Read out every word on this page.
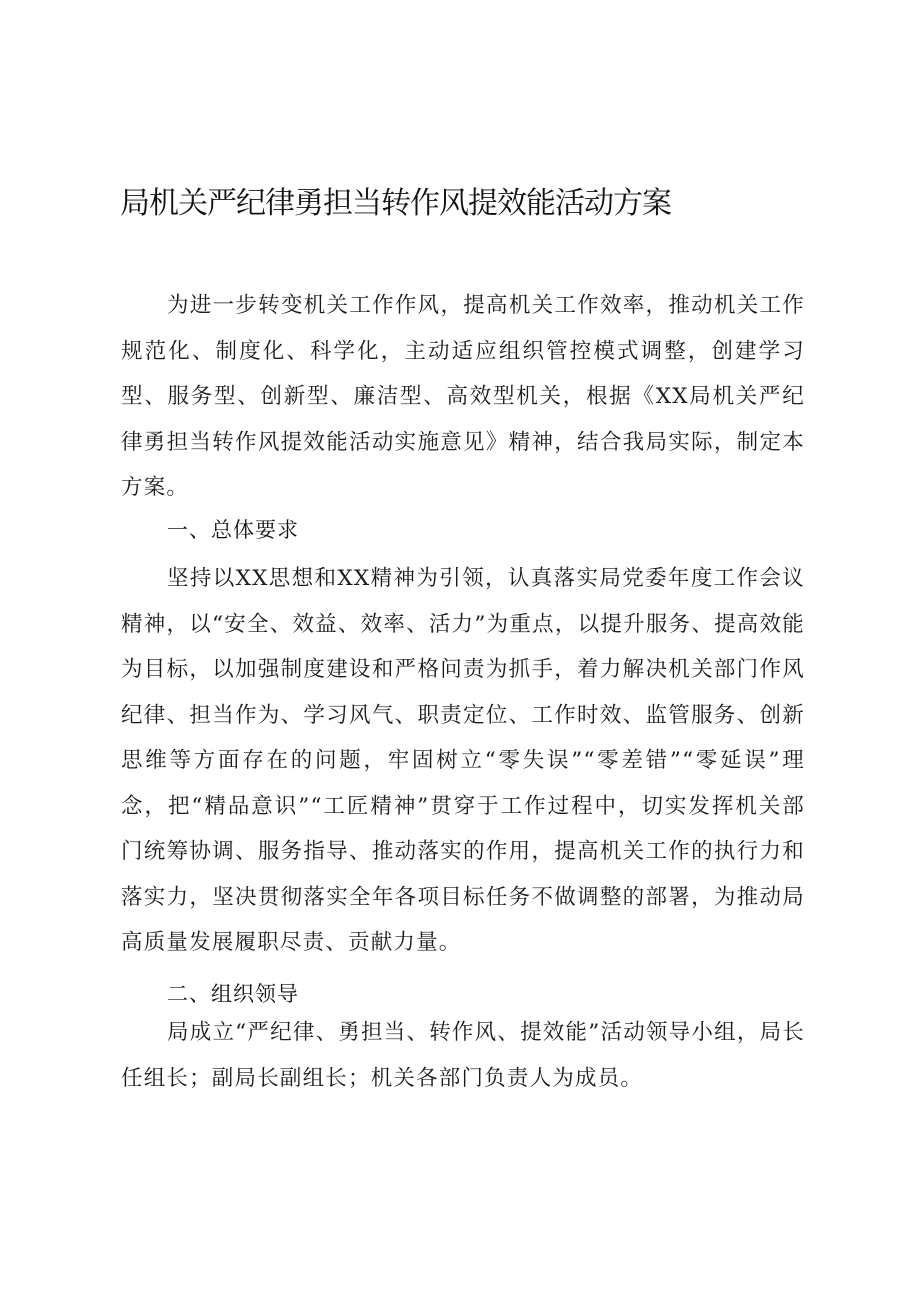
局机关严纪律勇担当转作风提效能活动方案

为进一步转变机关工作作风，提高机关工作效率，推动机关工作规范化、制度化、科学化，主动适应组织管控模式调整，创建学习型、服务型、创新型、廉洁型、高效型机关，根据《XX局机关严纪律勇担当转作风提效能活动实施意见》精神，结合我局实际，制定本方案。

一、总体要求

坚持以XX思想和XX精神为引领，认真落实局党委年度工作会议精神，以“安全、效益、效率、活力”为重点，以提升服务、提高效能为目标，以加强制度建设和严格问责为抓手，着力解决机关部门作风纪律、担当作为、学习风气、职责定位、工作时效、监管服务、创新思维等方面存在的问题，牢固树立“零失误”“零差错”“零延误”理念，把“精品意识”“工匠精神”贯穿于工作过程中，切实发挥机关部门统筹协调、服务指导、推动落实的作用，提高机关工作的执行力和落实力，坚决贯彻落实全年各项目标任务不做调整的部署，为推动局高质量发展履职尽责、贡献力量。

二、组织领导

局成立“严纪律、勇担当、转作风、提效能”活动领导小组，局长任组长；副局长副组长；机关各部门负责人为成员。
